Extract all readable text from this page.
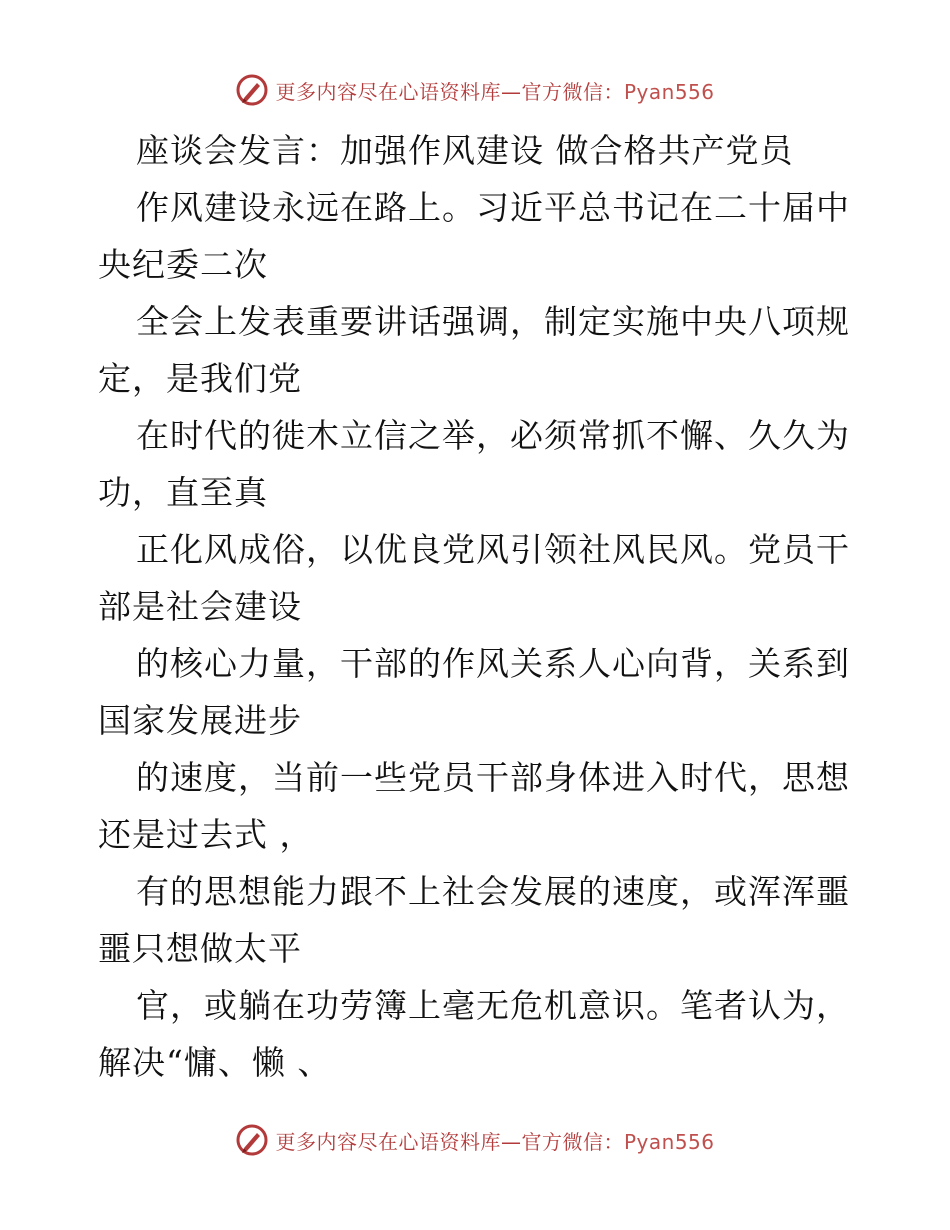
更多内容尽在心语资料库—官方微信：Pyan556
座谈会发言：加强作风建设 做合格共产党员
作风建设永远在路上。习近平总书记在二十届中
央纪委二次
全会上发表重要讲话强调，制定实施中央八项规
定，是我们党
在时代的徙木立信之举，必须常抓不懈、久久为
功，直至真
正化风成俗，以优良党风引领社风民风。党员干
部是社会建设
的核心力量，干部的作风关系人心向背，关系到
国家发展进步
的速度，当前一些党员干部身体进入时代，思想
还是过去式 ，
有的思想能力跟不上社会发展的速度，或浑浑噩
噩只想做太平
官，或躺在功劳簿上毫无危机意识。笔者认为，
解决“慵、懒 、
更多内容尽在心语资料库—官方微信：Pyan556
